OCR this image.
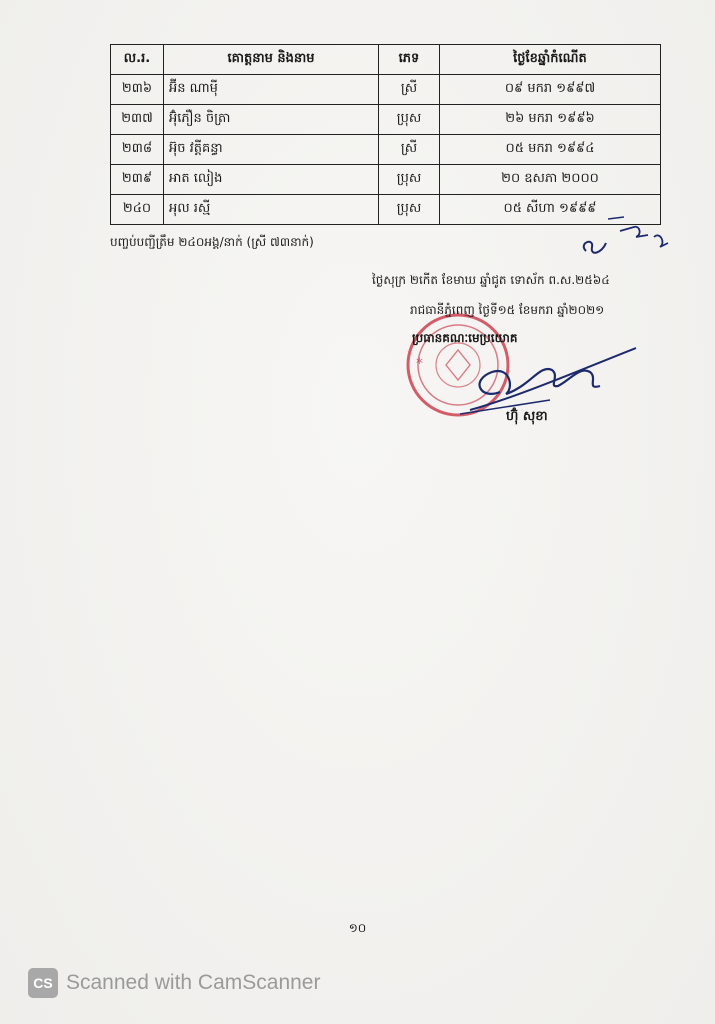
ល.រ.	គោត្តនាម និងនាម	ភេទ	ថ្ងៃខែឆ្នាំកំណើត
២៣៦	អ៊ីន ណាម៉ី	ស្រី	០៩ មករា ១៩៩៧
២៣៧	អ៊ុំភឿន ចិត្រា	ប្រុស	២៦ មករា ១៩៩៦
២៣៨	អ៊ុច វត្តីគន្ធា	ស្រី	០៥ មករា ១៩៩៤
២៣៩	អាត លៀង	ប្រុស	២០ ឧសភា ២០០០
២៤០	អុល រស្មី	ប្រុស	០៥ សីហា ១៩៩៩
បញ្ចប់បញ្ជីត្រឹម ២៤០អង្គ/នាក់ (ស្រី ៧៣នាក់)
*
ថ្ងៃសុក្រ ២កើត ខែមាឃ ឆ្នាំជូត ទោស័ក ព.ស.២៥៦៤
រាជធានីភ្នំពេញ ថ្ងៃទី១៥ ខែមករា ឆ្នាំ២០២១
ប្រធានគណៈមេប្រយោគ
ហ៊ុំ សុខា
១០
CS Scanned with CamScanner
